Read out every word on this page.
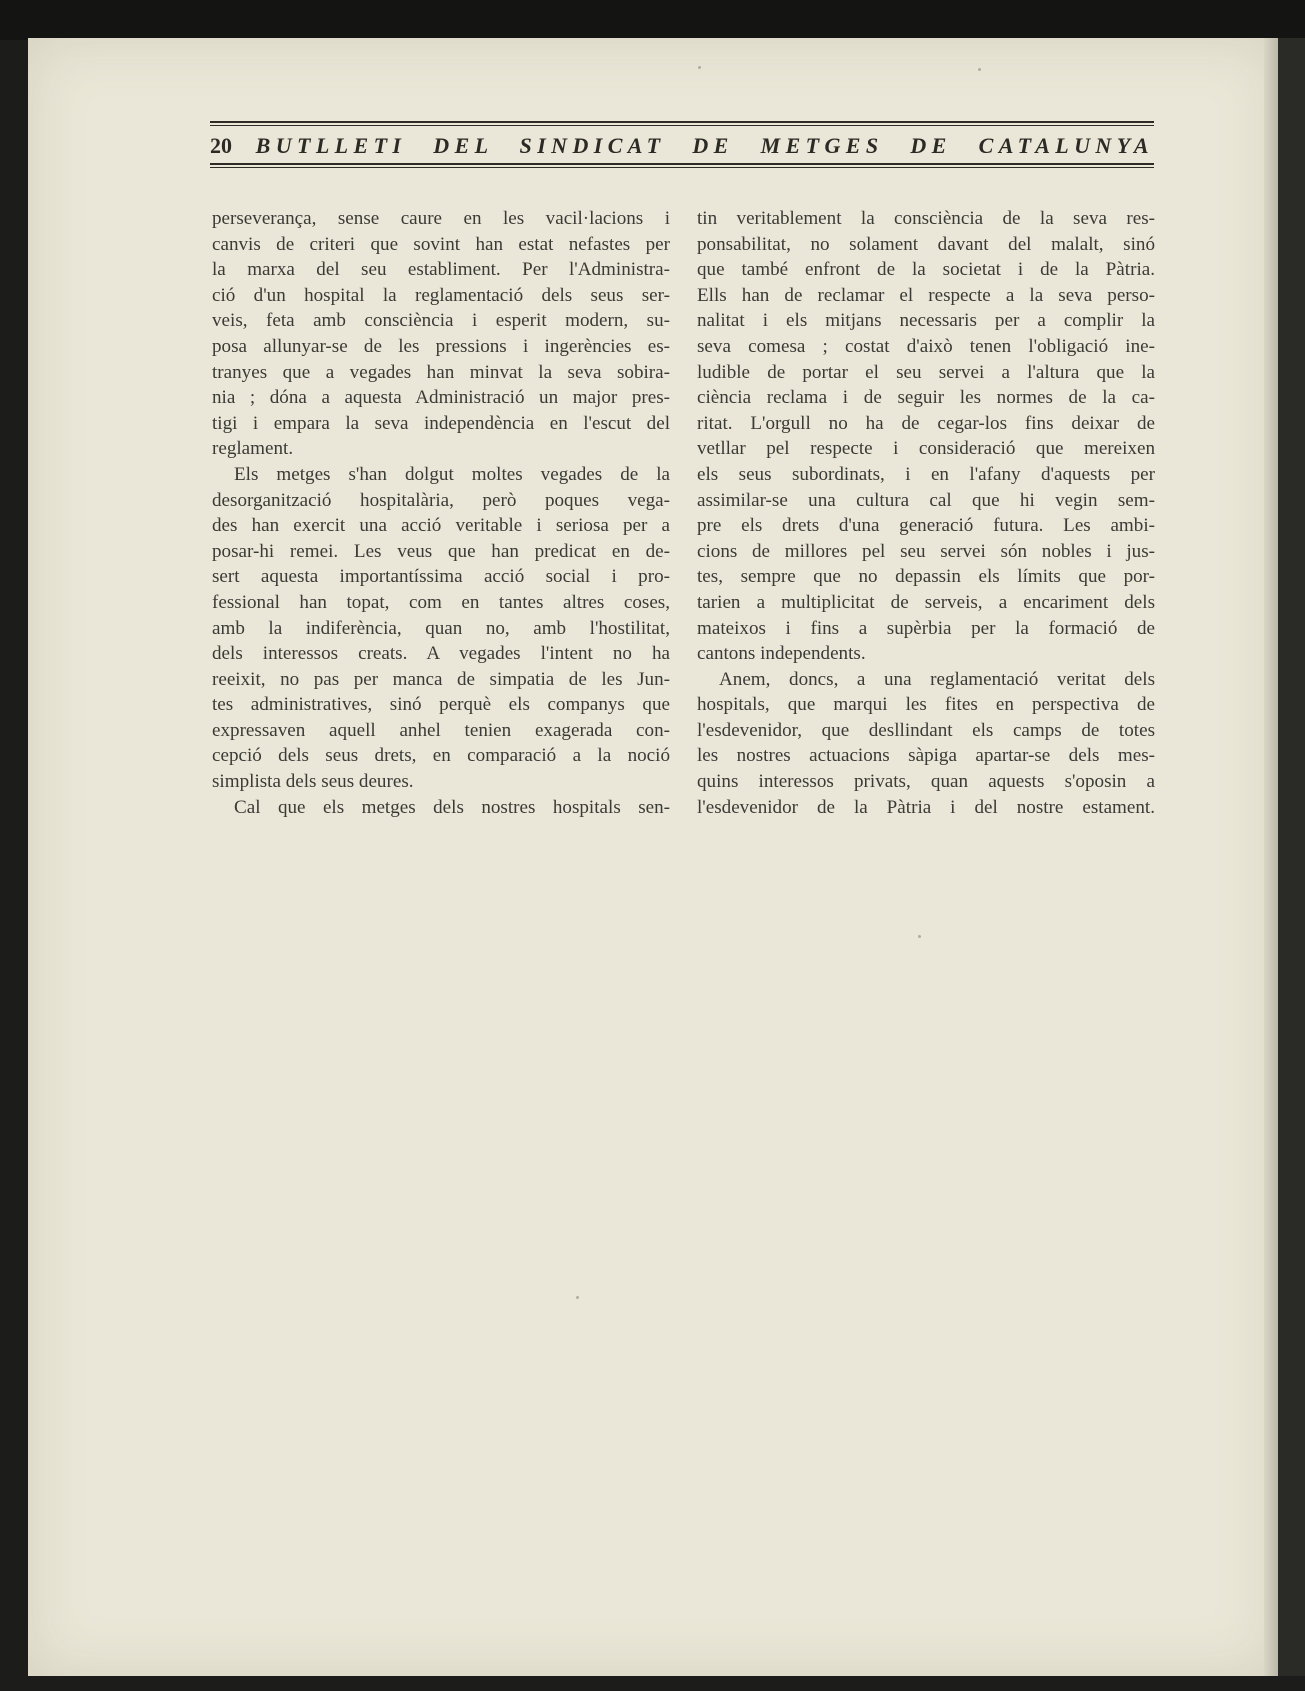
20 BUTLLETI DEL SINDICAT DE METGES DE CATALUNYA
perseverança, sense caure en les vacil·lacions i
canvis de criteri que sovint han estat nefastes per
la marxa del seu establiment. Per l'Administra-
ció d'un hospital la reglamentació dels seus ser-
veis, feta amb consciència i esperit modern, su-
posa allunyar-se de les pressions i ingerències es-
tranyes que a vegades han minvat la seva sobira-
nia ; dóna a aquesta Administració un major pres-
tigi i empara la seva independència en l'escut del
reglament.
Els metges s'han dolgut moltes vegades de la
desorganització hospitalària, però poques vega-
des han exercit una acció veritable i seriosa per a
posar-hi remei. Les veus que han predicat en de-
sert aquesta importantíssima acció social i pro-
fessional han topat, com en tantes altres coses,
amb la indiferència, quan no, amb l'hostilitat,
dels interessos creats. A vegades l'intent no ha
reeixit, no pas per manca de simpatia de les Jun-
tes administratives, sinó perquè els companys que
expressaven aquell anhel tenien exagerada con-
cepció dels seus drets, en comparació a la noció
simplista dels seus deures.
Cal que els metges dels nostres hospitals sen-
tin veritablement la consciència de la seva res-
ponsabilitat, no solament davant del malalt, sinó
que també enfront de la societat i de la Pàtria.
Ells han de reclamar el respecte a la seva perso-
nalitat i els mitjans necessaris per a complir la
seva comesa ; costat d'això tenen l'obligació ine-
ludible de portar el seu servei a l'altura que la
ciència reclama i de seguir les normes de la ca-
ritat. L'orgull no ha de cegar-los fins deixar de
vetllar pel respecte i consideració que mereixen
els seus subordinats, i en l'afany d'aquests per
assimilar-se una cultura cal que hi vegin sem-
pre els drets d'una generació futura. Les ambi-
cions de millores pel seu servei són nobles i jus-
tes, sempre que no depassin els límits que por-
tarien a multiplicitat de serveis, a encariment dels
mateixos i fins a supèrbia per la formació de
cantons independents.
Anem, doncs, a una reglamentació veritat dels
hospitals, que marqui les fites en perspectiva de
l'esdevenidor, que desllindant els camps de totes
les nostres actuacions sàpiga apartar-se dels mes-
quins interessos privats, quan aquests s'oposin a
l'esdevenidor de la Pàtria i del nostre estament.
